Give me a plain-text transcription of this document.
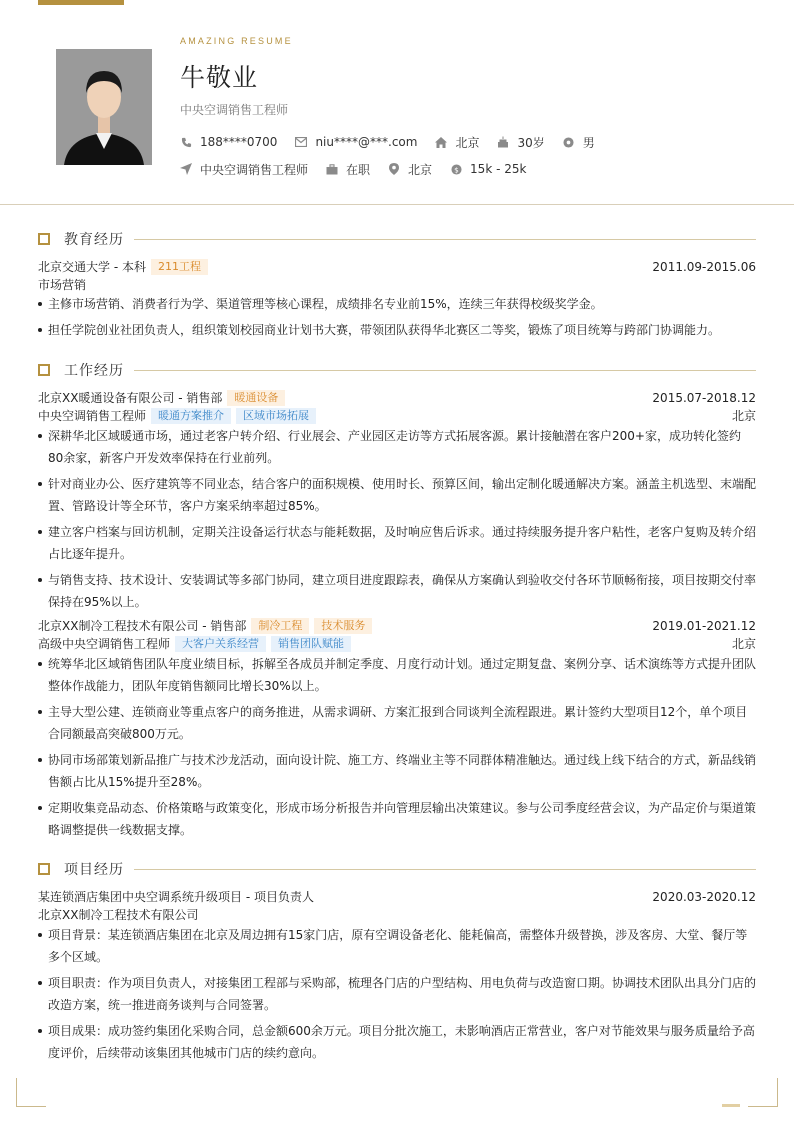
AMAZING RESUME
牛敬业
中央空调销售工程师
188****0700	niu****@***.com	北京	30岁	男
中央空调销售工程师	在职	北京	$ 15k - 25k
教育经历
北京交通大学 - 本科	211工程	2011.09-2015.06
市场营销
主修市场营销、消费者行为学、渠道管理等核心课程，成绩排名专业前15%，连续三年获得校级奖学金。
担任学院创业社团负责人，组织策划校园商业计划书大赛，带领团队获得华北赛区二等奖，锻炼了项目统筹与跨部门协调能力。
工作经历
北京XX暖通设备有限公司 - 销售部	暖通设备	2015.07-2018.12
中央空调销售工程师	暖通方案推介	区域市场拓展	北京
深耕华北区域暖通市场，通过老客户转介绍、行业展会、产业园区走访等方式拓展客源。累计接触潜在客户200+家，成功转化签约80余家，新客户开发效率保持在行业前列。
针对商业办公、医疗建筑等不同业态，结合客户的面积规模、使用时长、预算区间，输出定制化暖通解决方案。涵盖主机选型、末端配置、管路设计等全环节，客户方案采纳率超过85%。
建立客户档案与回访机制，定期关注设备运行状态与能耗数据，及时响应售后诉求。通过持续服务提升客户粘性，老客户复购及转介绍占比逐年提升。
与销售支持、技术设计、安装调试等多部门协同，建立项目进度跟踪表，确保从方案确认到验收交付各环节顺畅衔接，项目按期交付率保持在95%以上。
北京XX制冷工程技术有限公司 - 销售部	制冷工程	技术服务	2019.01-2021.12
高级中央空调销售工程师	大客户关系经营	销售团队赋能	北京
统筹华北区域销售团队年度业绩目标，拆解至各成员并制定季度、月度行动计划。通过定期复盘、案例分享、话术演练等方式提升团队整体作战能力，团队年度销售额同比增长30%以上。
主导大型公建、连锁商业等重点客户的商务推进，从需求调研、方案汇报到合同谈判全流程跟进。累计签约大型项目12个，单个项目合同额最高突破800万元。
协同市场部策划新品推广与技术沙龙活动，面向设计院、施工方、终端业主等不同群体精准触达。通过线上线下结合的方式，新品线销售额占比从15%提升至28%。
定期收集竞品动态、价格策略与政策变化，形成市场分析报告并向管理层输出决策建议。参与公司季度经营会议，为产品定价与渠道策略调整提供一线数据支撑。
项目经历
某连锁酒店集团中央空调系统升级项目 - 项目负责人	2020.03-2020.12
北京XX制冷工程技术有限公司
项目背景：某连锁酒店集团在北京及周边拥有15家门店，原有空调设备老化、能耗偏高，需整体升级替换，涉及客房、大堂、餐厅等多个区域。
项目职责：作为项目负责人，对接集团工程部与采购部，梳理各门店的户型结构、用电负荷与改造窗口期。协调技术团队出具分门店的改造方案，统一推进商务谈判与合同签署。
项目成果：成功签约集团化采购合同，总金额600余万元。项目分批次施工，未影响酒店正常营业，客户对节能效果与服务质量给予高度评价，后续带动该集团其他城市门店的续约意向。
